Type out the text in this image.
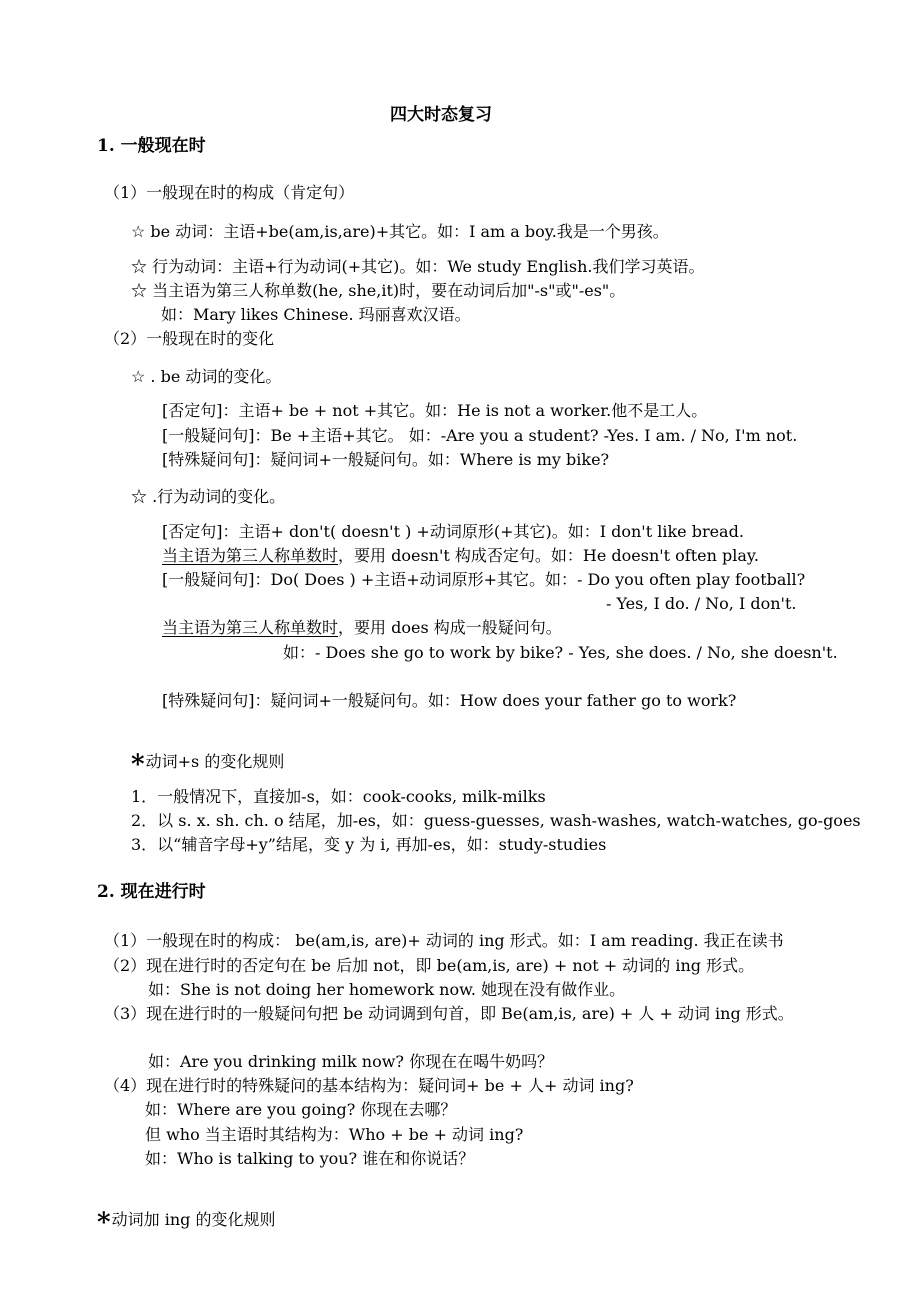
四大时态复习
1. 一般现在时
（1）一般现在时的构成（肯定句）
☆ be 动词：主语+be(am,is,are)+其它。如：I am a boy.我是一个男孩。
☆ 行为动词：主语+行为动词(+其它)。如：We study English.我们学习英语。
☆ 当主语为第三人称单数(he, she,it)时，要在动词后加"-s"或"-es"。
如：Mary likes Chinese. 玛丽喜欢汉语。
（2）一般现在时的变化
☆ . be 动词的变化。
[否定句]：主语+ be + not +其它。如：He is not a worker.他不是工人。
[一般疑问句]：Be +主语+其它。 如：-Are you a student? -Yes. I am. / No, I'm not.
[特殊疑问句]：疑问词+一般疑问句。如：Where is my bike?
☆ .行为动词的变化。
[否定句]：主语+ don't( doesn't ) +动词原形(+其它)。如：I don't like bread.
当主语为第三人称单数时，要用 doesn't 构成否定句。如：He doesn't often play.
[一般疑问句]：Do( Does ) +主语+动词原形+其它。如：- Do you often play football?
- Yes, I do. / No, I don't.
当主语为第三人称单数时，要用 does 构成一般疑问句。
如：- Does she go to work by bike? - Yes, she does. / No, she doesn't.
[特殊疑问句]：疑问词+一般疑问句。如：How does your father go to work?
*动词+s 的变化规则
1．一般情况下，直接加-s，如：cook-cooks, milk-milks
2．以 s. x. sh. ch. o 结尾，加-es，如：guess-guesses, wash-washes, watch-watches, go-goes
3．以“辅音字母+y”结尾，变 y 为 i, 再加-es，如：study-studies
2. 现在进行时
（1）一般现在时的构成： be(am,is, are)+ 动词的 ing 形式。如：I am reading. 我正在读书
（2）现在进行时的否定句在 be 后加 not，即 be(am,is, are) + not + 动词的 ing 形式。
如：She is not doing her homework now. 她现在没有做作业。
（3）现在进行时的一般疑问句把 be 动词调到句首，即 Be(am,is, are) + 人 + 动词 ing 形式。
如：Are you drinking milk now? 你现在在喝牛奶吗？
（4）现在进行时的特殊疑问的基本结构为：疑问词+ be + 人+ 动词 ing?
如：Where are you going? 你现在去哪？
但 who 当主语时其结构为：Who + be + 动词 ing?
如：Who is talking to you? 谁在和你说话？
*动词加 ing 的变化规则
